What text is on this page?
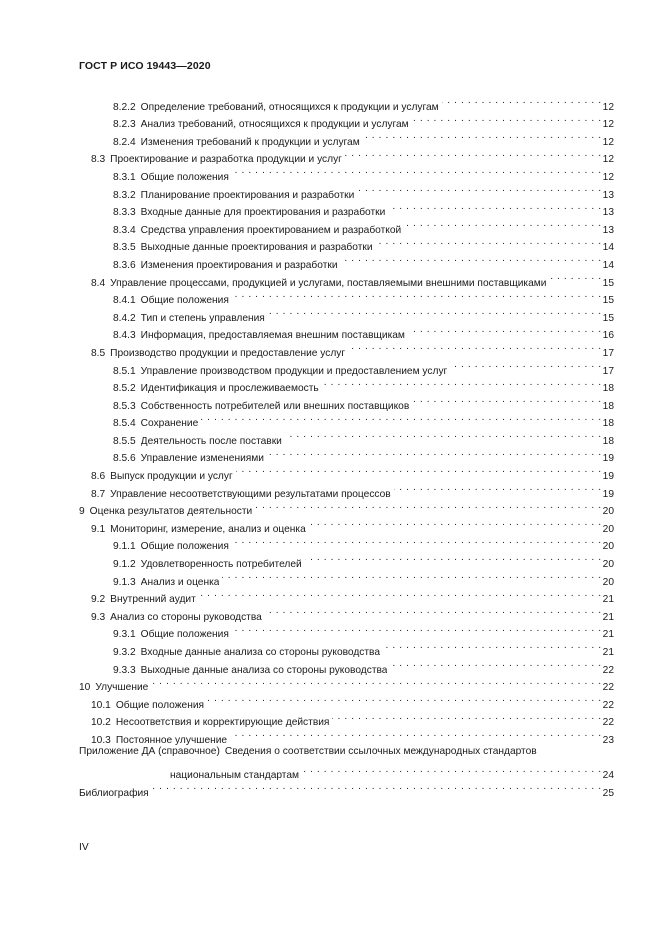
ГОСТ Р ИСО 19443—2020
8.2.2 Определение требований, относящихся к продукции и услугам . . .	12
8.2.3 Анализ требований, относящихся к продукции и услугам . . .	12
8.2.4 Изменения требований к продукции и услугам . . .	12
8.3 Проектирование и разработка продукции и услуг . . .	12
8.3.1 Общие положения . . .	12
8.3.2 Планирование проектирования и разработки . . .	13
8.3.3 Входные данные для проектирования и разработки . . .	13
8.3.4 Средства управления проектированием и разработкой . . .	13
8.3.5 Выходные данные проектирования и разработки . . .	14
8.3.6 Изменения проектирования и разработки . . .	14
8.4 Управление процессами, продукцией и услугами, поставляемыми внешними поставщиками . . .	15
8.4.1 Общие положения . . .	15
8.4.2 Тип и степень управления . . .	15
8.4.3 Информация, предоставляемая внешним поставщикам . . .	16
8.5 Производство продукции и предоставление услуг . . .	17
8.5.1 Управление производством продукции и предоставлением услуг . . .	17
8.5.2 Идентификация и прослеживаемость . . .	18
8.5.3 Собственность потребителей или внешних поставщиков . . .	18
8.5.4 Сохранение . . .	18
8.5.5 Деятельность после поставки . . .	18
8.5.6 Управление изменениями . . .	19
8.6 Выпуск продукции и услуг . . .	19
8.7 Управление несоответствующими результатами процессов . . .	19
9 Оценка результатов деятельности . . .	20
9.1 Мониторинг, измерение, анализ и оценка . . .	20
9.1.1 Общие положения . . .	20
9.1.2 Удовлетворенность потребителей . . .	20
9.1.3 Анализ и оценка . . .	20
9.2 Внутренний аудит . . .	21
9.3 Анализ со стороны руководства . . .	21
9.3.1 Общие положения . . .	21
9.3.2 Входные данные анализа со стороны руководства . . .	21
9.3.3 Выходные данные анализа со стороны руководства . . .	22
10 Улучшение . . .	22
10.1 Общие положения . . .	22
10.2 Несоответствия и корректирующие действия . . .	22
10.3 Постоянное улучшение . . .	23
Приложение ДА (справочное) Сведения о соответствии ссылочных международных стандартов
национальным стандартам . . .	24
Библиография . . .	25
IV
